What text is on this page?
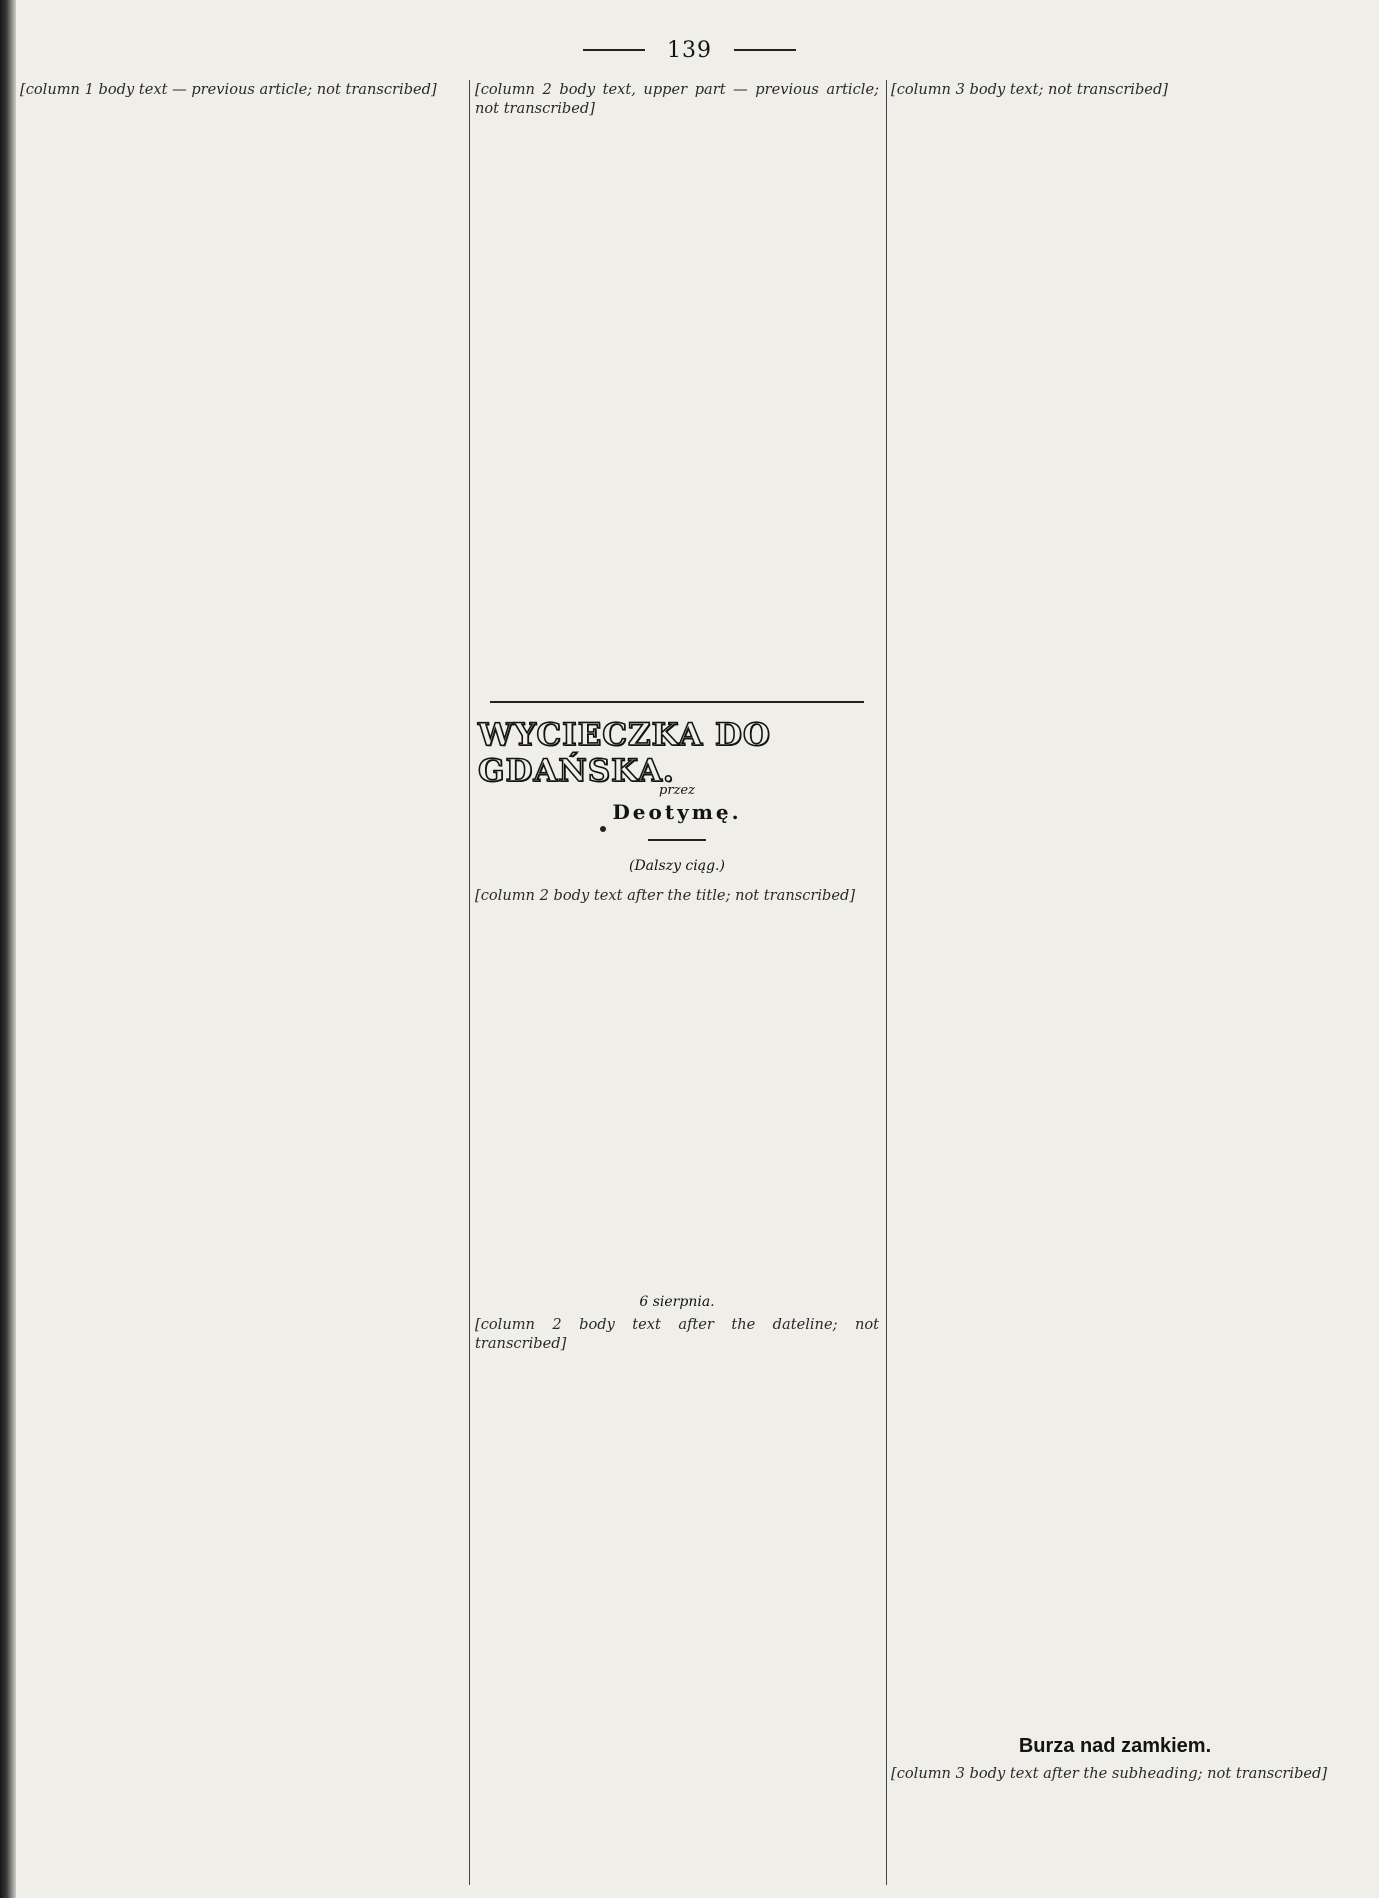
139
[column 1 body text — previous article; not transcribed]	[column 2 body text, upper part — previous article; not transcribed]
WYCIECZKA DO GDAŃSKA.
przez
Deotymę.
(Dalszy ciąg.)
[column 2 body text after the title; not transcribed]
6 sierpnia.
[column 2 body text after the dateline; not transcribed]
[column 3 body text; not transcribed]
Burza nad zamkiem.
[column 3 body text after the subheading; not transcribed]
